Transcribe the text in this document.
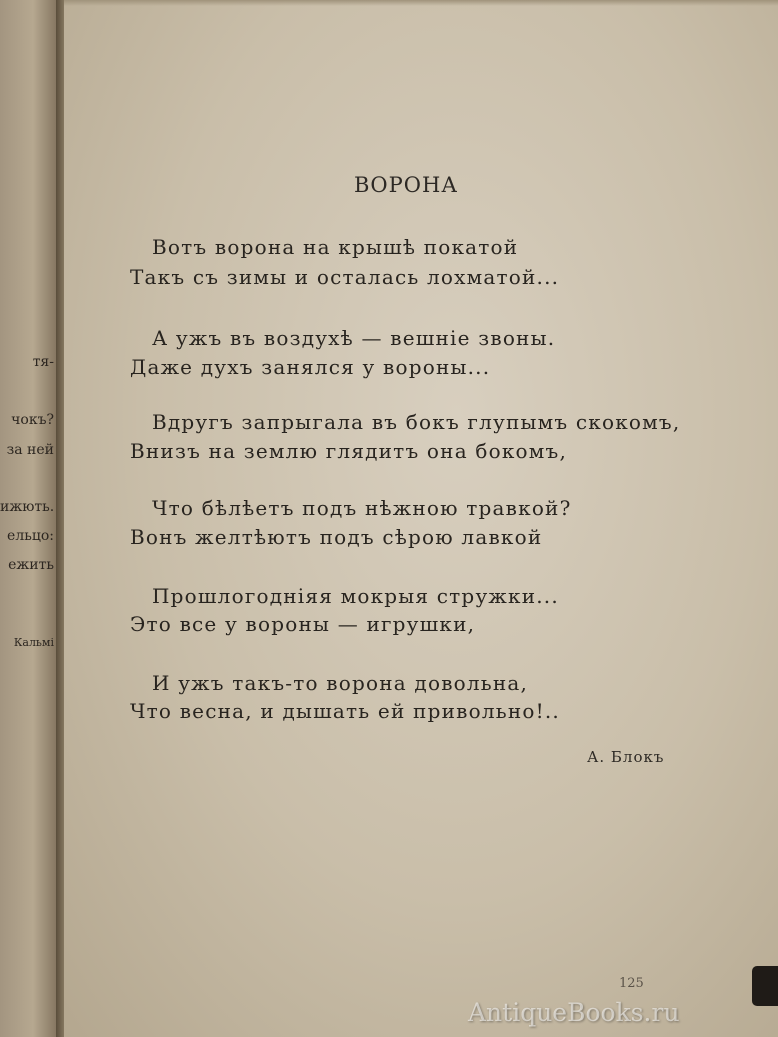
тя-
чокъ?
за ней
ижють.
ельцо:
ежить
Кальмі
ВОРОНА
Вотъ ворона на крышѣ покатой
Такъ съ зимы и осталась лохматой...
А ужъ въ воздухѣ — вешніе звоны.
Даже духъ занялся у вороны...
Вдругъ запрыгала въ бокъ глупымъ скокомъ,
Внизъ на землю глядитъ она бокомъ,
Что бѣлѣетъ подъ нѣжною травкой?
Вонъ желтѣютъ подъ сѣрою лавкой
Прошлогодніяя мокрыя стружки...
Это все у вороны — игрушки,
И ужъ такъ-то ворона довольна,
Что весна, и дышать ей привольно!..
А. Блокъ
125
AntiqueBooks.ru
